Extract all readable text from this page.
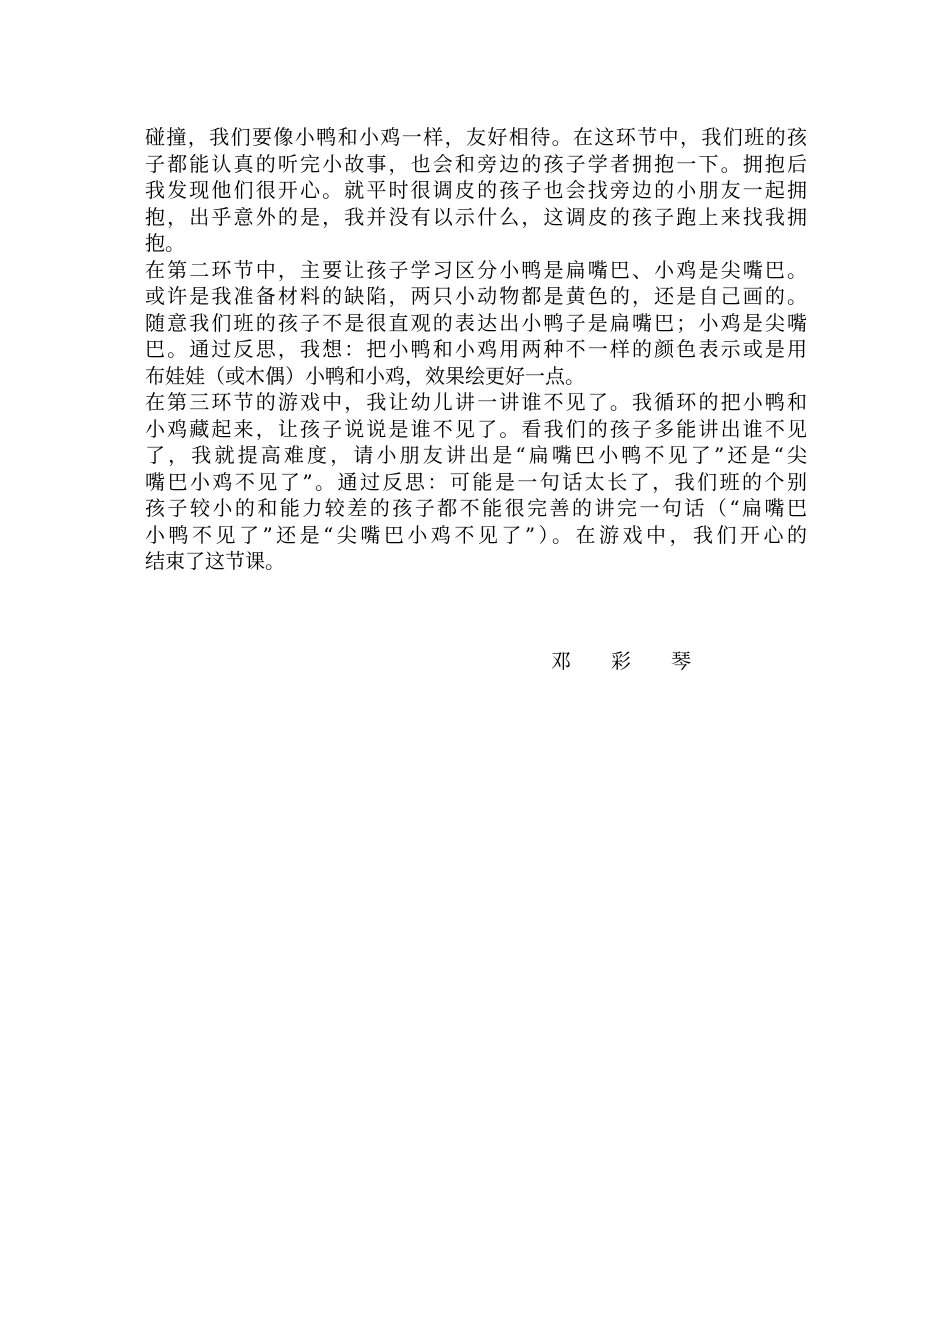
碰撞，我们要像小鸭和小鸡一样，友好相待。在这环节中，我们班的孩
子都能认真的听完小故事，也会和旁边的孩子学者拥抱一下。拥抱后
我发现他们很开心。就平时很调皮的孩子也会找旁边的小朋友一起拥
抱，出乎意外的是，我并没有以示什么，这调皮的孩子跑上来找我拥
抱。
在第二环节中，主要让孩子学习区分小鸭是扁嘴巴、小鸡是尖嘴巴。
或许是我准备材料的缺陷，两只小动物都是黄色的，还是自己画的。
随意我们班的孩子不是很直观的表达出小鸭子是扁嘴巴；小鸡是尖嘴
巴。通过反思，我想：把小鸭和小鸡用两种不一样的颜色表示或是用
布娃娃（或木偶）小鸭和小鸡，效果绘更好一点。
在第三环节的游戏中，我让幼儿讲一讲谁不见了。我循环的把小鸭和
小鸡藏起来，让孩子说说是谁不见了。看我们的孩子多能讲出谁不见
了，我就提高难度，请小朋友讲出是“扁嘴巴小鸭不见了”还是“尖
嘴巴小鸡不见了”。通过反思：可能是一句话太长了，我们班的个别
孩子较小的和能力较差的孩子都不能很完善的讲完一句话（“扁嘴巴
小鸭不见了”还是“尖嘴巴小鸡不见了”）。在游戏中，我们开心的
结束了这节课。
邓 彩 琴
